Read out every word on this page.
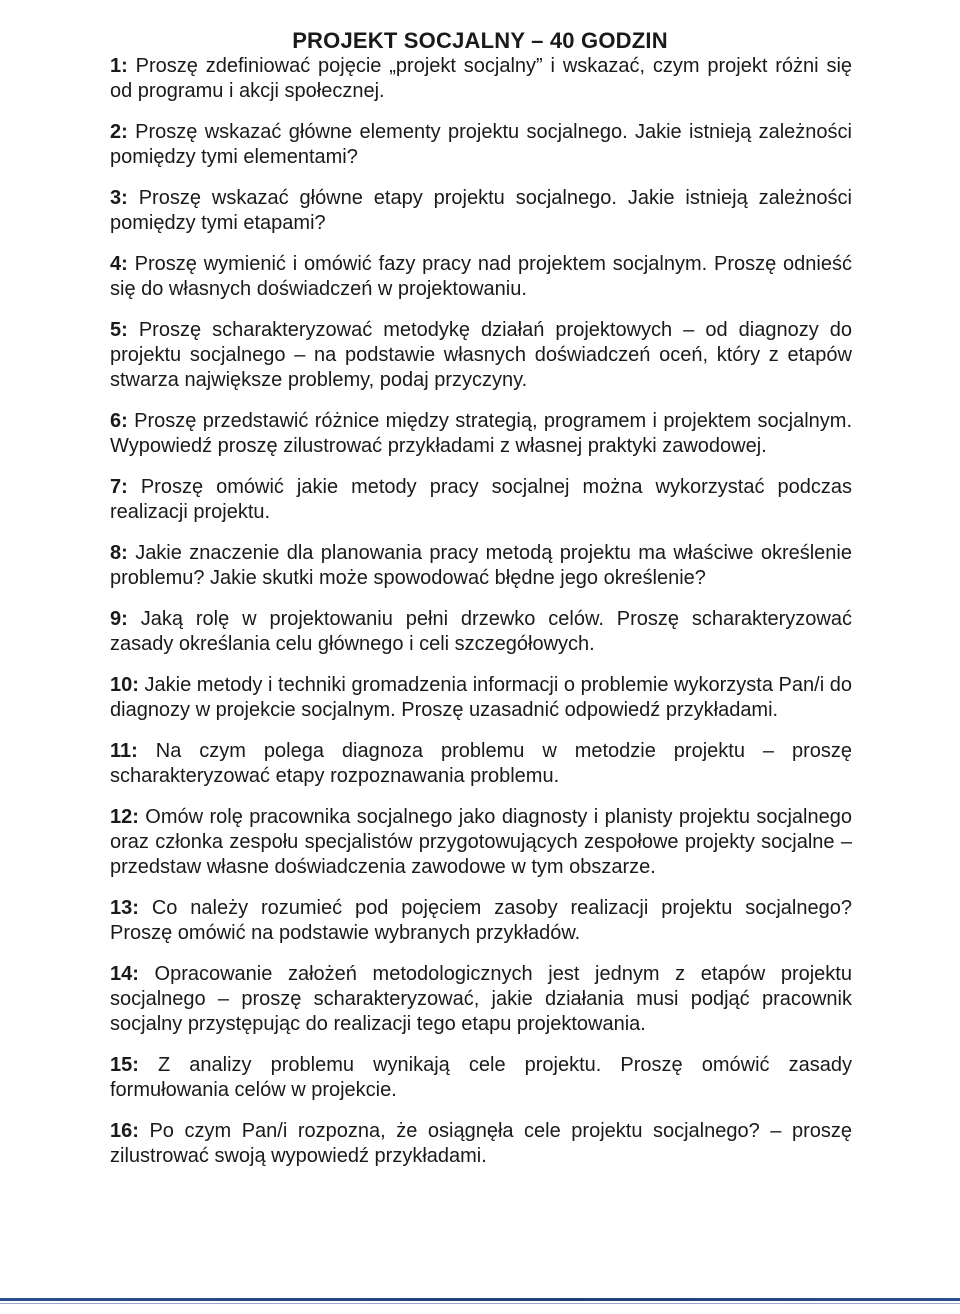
PROJEKT SOCJALNY – 40 GODZIN

1: Proszę zdefiniować pojęcie „projekt socjalny” i wskazać, czym projekt różni się od programu i akcji społecznej.

2: Proszę wskazać główne elementy projektu socjalnego. Jakie istnieją zależności pomiędzy tymi elementami?

3: Proszę wskazać główne etapy projektu socjalnego. Jakie istnieją zależności pomiędzy tymi etapami?

4: Proszę wymienić i omówić fazy pracy nad projektem socjalnym. Proszę odnieść się do własnych doświadczeń w projektowaniu.

5: Proszę scharakteryzować metodykę działań projektowych – od diagnozy do projektu socjalnego – na podstawie własnych doświadczeń oceń, który z etapów stwarza największe problemy, podaj przyczyny.

6: Proszę przedstawić różnice między strategią, programem i projektem socjalnym. Wypowiedź proszę zilustrować przykładami z własnej praktyki zawodowej.

7: Proszę omówić jakie metody pracy socjalnej można wykorzystać podczas realizacji projektu.

8: Jakie znaczenie dla planowania pracy metodą projektu ma właściwe określenie problemu? Jakie skutki może spowodować błędne jego określenie?

9: Jaką rolę w projektowaniu pełni drzewko celów. Proszę scharakteryzować zasady określania celu głównego i celi szczegółowych.

10: Jakie metody i techniki gromadzenia informacji o problemie wykorzysta Pan/i do diagnozy w projekcie socjalnym. Proszę uzasadnić odpowiedź przykładami.

11: Na czym polega diagnoza problemu w metodzie projektu – proszę scharakteryzować etapy rozpoznawania problemu.

12: Omów rolę pracownika socjalnego jako diagnosty i planisty projektu socjalnego oraz członka zespołu specjalistów przygotowujących zespołowe projekty socjalne – przedstaw własne doświadczenia zawodowe w tym obszarze.

13: Co należy rozumieć pod pojęciem zasoby realizacji projektu socjalnego? Proszę omówić na podstawie wybranych przykładów.

14: Opracowanie założeń metodologicznych jest jednym z etapów projektu socjalnego – proszę scharakteryzować, jakie działania musi podjąć pracownik socjalny przystępując do realizacji tego etapu projektowania.

15: Z analizy problemu wynikają cele projektu. Proszę omówić zasady formułowania celów w projekcie.

16: Po czym Pan/i rozpozna, że osiągnęła cele projektu socjalnego? – proszę zilustrować swoją wypowiedź przykładami.
